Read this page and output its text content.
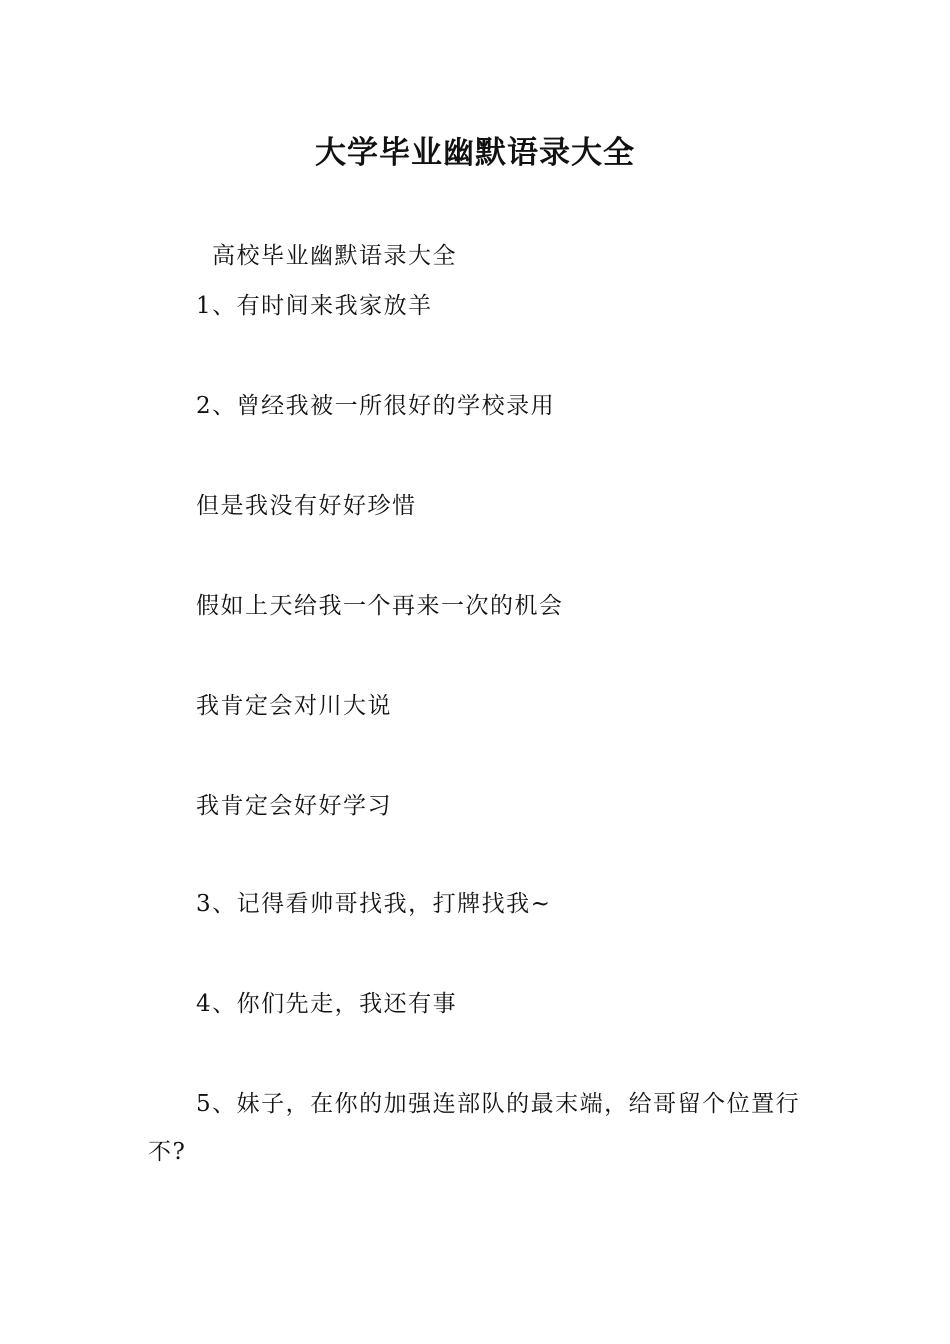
大学毕业幽默语录大全
高校毕业幽默语录大全
1、有时间来我家放羊
2、曾经我被一所很好的学校录用
但是我没有好好珍惜
假如上天给我一个再来一次的机会
我肯定会对川大说
我肯定会好好学习
3、记得看帅哥找我，打牌找我~
4、你们先走，我还有事
5、妹子，在你的加强连部队的最末端，给哥留个位置行不?
